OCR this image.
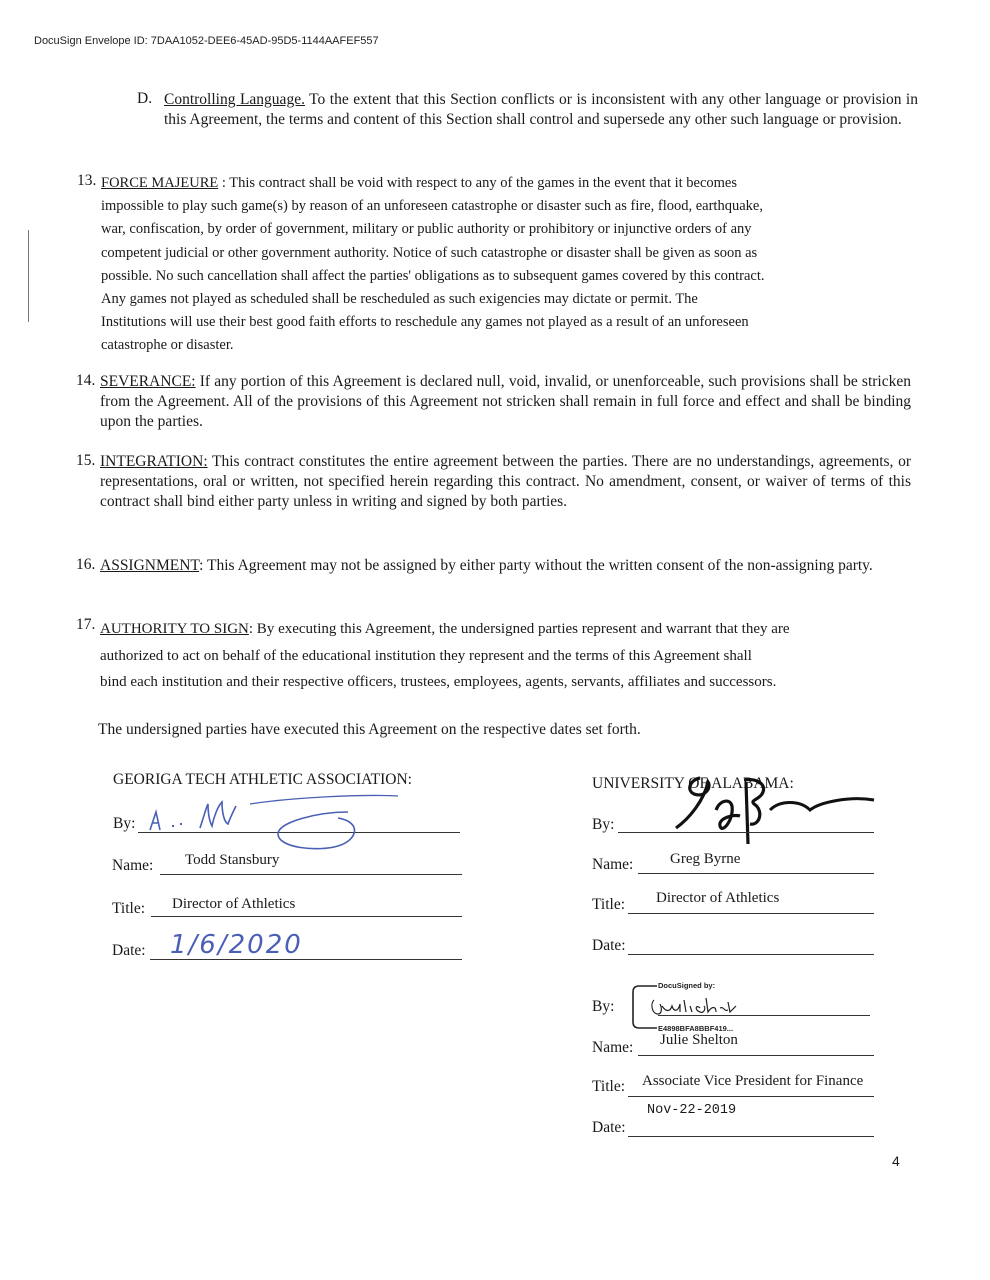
DocuSign Envelope ID: 7DAA1052-DEE6-45AD-95D5-1144AAFEF557
D. Controlling Language. To the extent that this Section conflicts or is inconsistent with any other language or provision in this Agreement, the terms and content of this Section shall control and supersede any other such language or provision.
13. FORCE MAJEURE : This contract shall be void with respect to any of the games in the event that it becomes
impossible to play such game(s) by reason of an unforeseen catastrophe or disaster such as fire, flood, earthquake,
war, confiscation, by order of government, military or public authority or prohibitory or injunctive orders of any
competent judicial or other government authority. Notice of such catastrophe or disaster shall be given as soon as
possible. No such cancellation shall affect the parties' obligations as to subsequent games covered by this contract.
Any games not played as scheduled shall be rescheduled as such exigencies may dictate or permit. The
Institutions will use their best good faith efforts to reschedule any games not played as a result of an unforeseen
catastrophe or disaster.
14. SEVERANCE: If any portion of this Agreement is declared null, void, invalid, or unenforceable, such provisions shall be stricken from the Agreement. All of the provisions of this Agreement not stricken shall remain in full force and effect and shall be binding upon the parties.
15. INTEGRATION: This contract constitutes the entire agreement between the parties. There are no understandings, agreements, or representations, oral or written, not specified herein regarding this contract. No amendment, consent, or waiver of terms of this contract shall bind either party unless in writing and signed by both parties.
16. ASSIGNMENT: This Agreement may not be assigned by either party without the written consent of the non-assigning party.
17. AUTHORITY TO SIGN: By executing this Agreement, the undersigned parties represent and warrant that they are
authorized to act on behalf of the educational institution they represent and the terms of this Agreement shall
bind each institution and their respective officers, trustees, employees, agents, servants, affiliates and successors.
The undersigned parties have executed this Agreement on the respective dates set forth.
GEORIGA TECH ATHLETIC ASSOCIATION:
By:
Name: Todd Stansbury
Title: Director of Athletics
Date: 1/6/2020
UNIVERSITY OF ALABAMA:
By:
Name: Greg Byrne
Title: Director of Athletics
Date:
DocuSigned by:
By:
E4898BFA8BBF419...
Name: Julie Shelton
Title: Associate Vice President for Finance
Nov-22-2019
Date:
4
